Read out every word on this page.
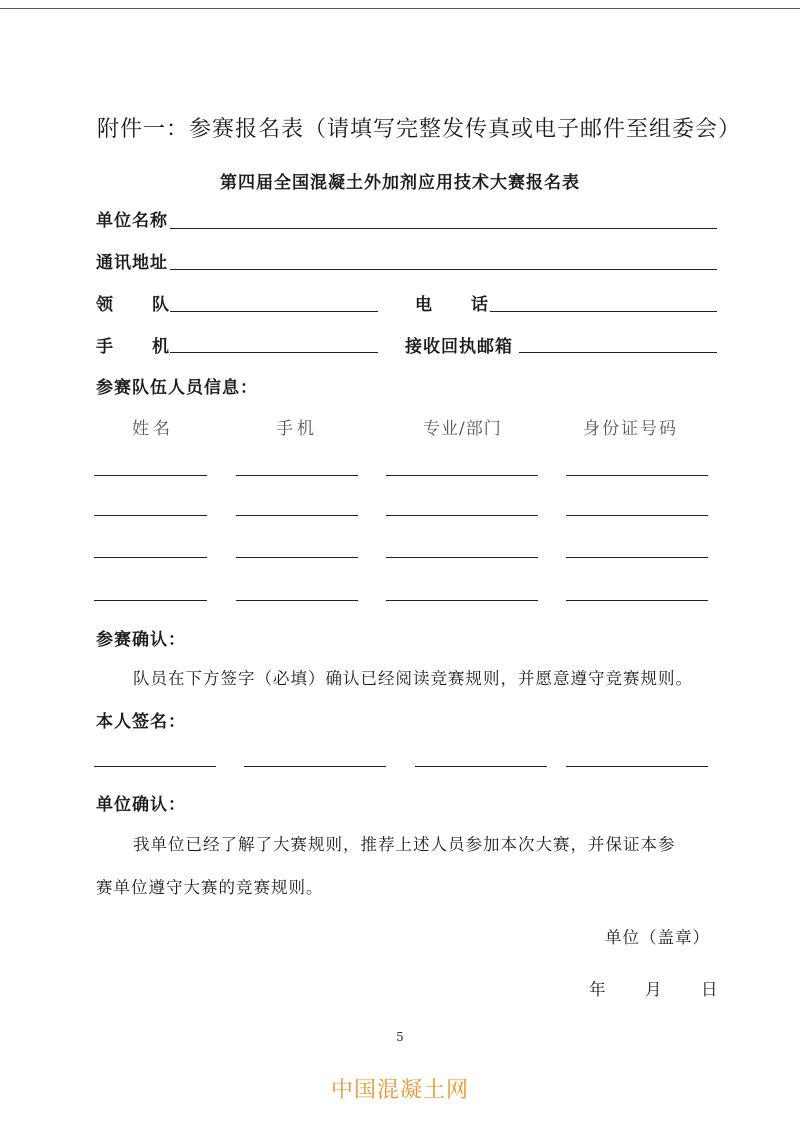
附件一：参赛报名表（请填写完整发传真或电子邮件至组委会）
第四届全国混凝土外加剂应用技术大赛报名表
单位名称
通讯地址
领 队	电 话
手 机	接收回执邮箱
参赛队伍人员信息：
姓名	手机	专业/部门	身份证号码
参赛确认：
队员在下方签字（必填）确认已经阅读竞赛规则，并愿意遵守竞赛规则。
本人签名：
单位确认：
我单位已经了解了大赛规则，推荐上述人员参加本次大赛，并保证本参
赛单位遵守大赛的竞赛规则。
单位（盖章）
年 月 日
5
中国混凝土网
